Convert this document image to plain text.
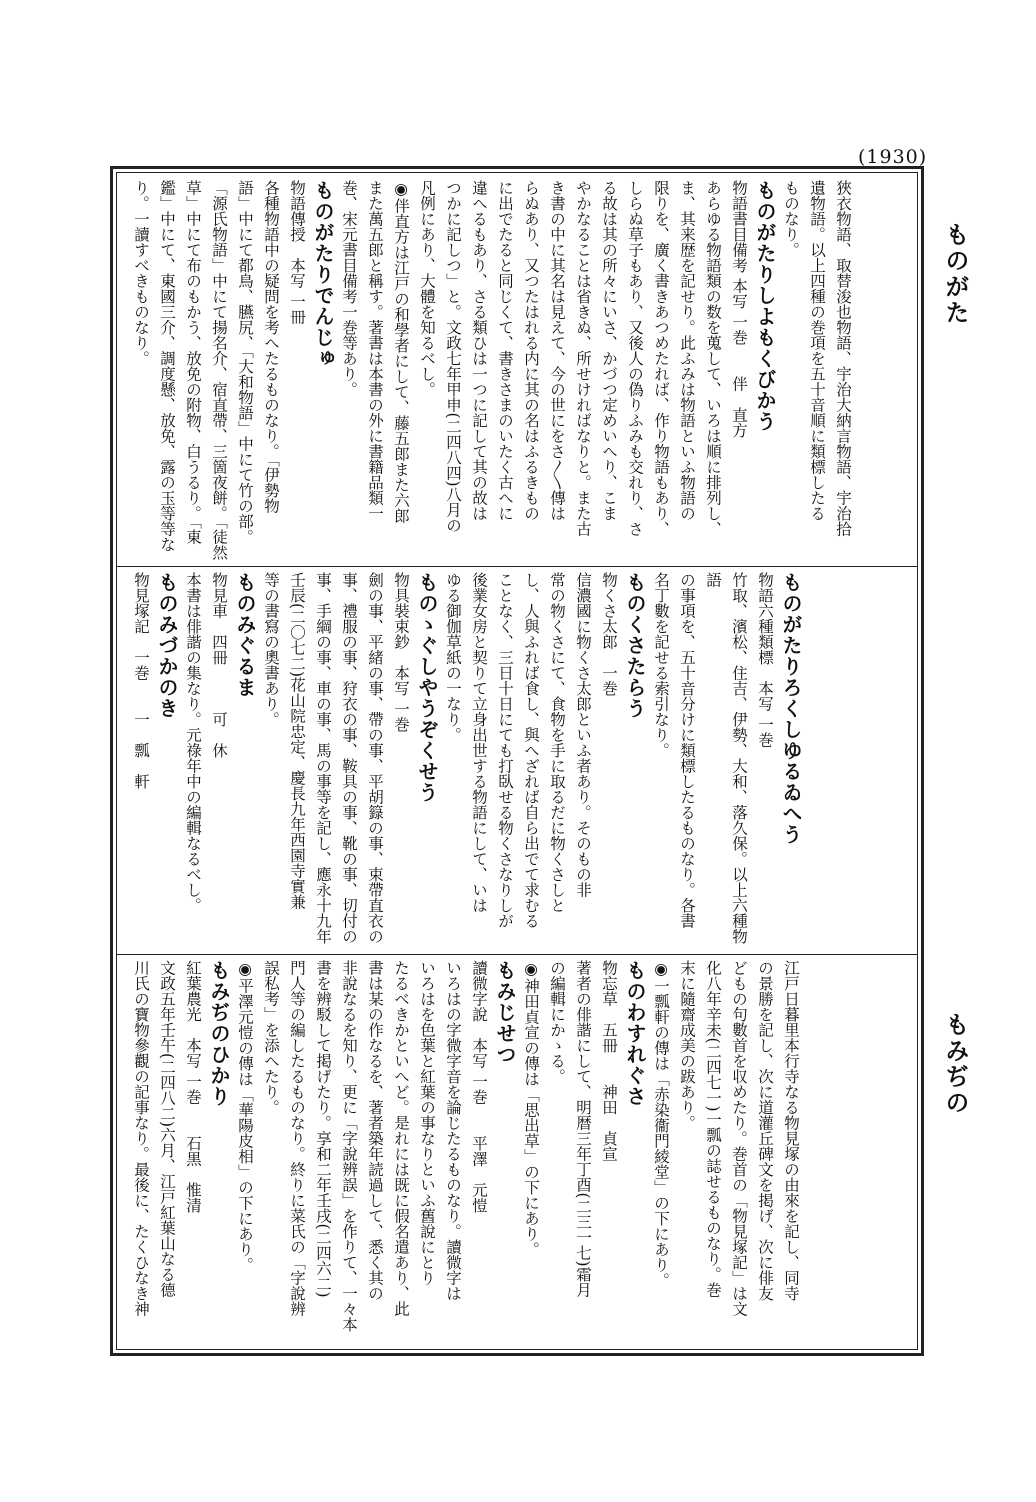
(1930)
ものがた
もみぢの
狹衣物語、取替浚也物語、宇治大納言物語、宇治拾
遺物語。以上四種の巻項を五十音順に類標したる
ものなり。
ものがたりしよもくびかう
物語書目備考 本写 一巻　　伴　直方
あらゆる物語類の数を蒐して、いろは順に排列し、
ま、其来歴を記せり。此ふみは物語といふ物語の
限りを、廣く書きあつめたれば、作り物語もあり、
しらぬ草子もあり、又後人の偽りふみも交れり、さ
る故は其の所々にいさ、かづつ定めいへり、こま
やかなることは省きぬ、所せければなりと。また古
き書の中に其名は見えて、今の世にをさ〳〵傳は
らぬあり、又つたはれる内に其の名はふるきもの
に出でたると同じくて、書きさまのいたく古へに
違へるもあり、さる類ひは一つに記して其の故は
つかに記しつ」と。文政七年甲申(二四八四)八月の
凡例にあり、大體を知るべし。
◉伴直方は江戸の和學者にして、藤五郎また六郎
また萬五郎と稱す。著書は本書の外に書籍品類一
巻、宋元書目備考一巻等あり。
ものがたりでんじゅ
物語傳授　本写 一冊
各種物語中の疑問を考へたるものなり。「伊勢物
語」中にて都鳥、臙尻、「大和物語」中にて竹の部。
「源氏物語」中にて揚名介、宿直帶、三箇夜餅。「徒然
草」中にて布のもかう、放免の附物、白うるり。「東
鑑」中にて、東國三介、調度懸、放免、露の玉等等な
り。一讀すべきものなり。
ものがたりろくしゆるゐへう
物語六種類標　本写 一巻
竹取、濱松、住吉、伊勢、大和、落久保。以上六種物語
の事項を、五十音分けに類標したるものなり。各書
名丁數を記せる索引なり。
ものくさたらう
物くさ太郎　一巻
信濃國に物くさ太郎といふ者あり。そのもの非
常の物くさにて、食物を手に取るだに物くさしと
し、人與ふれば食し、與へざれば自ら出でて求むる
ことなく、三日十日にても打臥せる物くさなりしが
後業女房と契りて立身出世する物語にして、いは
ゆる御伽草紙の一なり。
ものゝぐしやうぞくせう
物具裝束鈔　本写 一巻
劍の事、平緒の事、帶の事、平胡籙の事、束帶直衣の
事、禮服の事、狩衣の事、鞍具の事、靴の事、切付の
事、手綱の事、車の事、馬の事等を記し、應永十九年
壬辰(二〇七二)花山院忠定、慶長九年西園寺實兼
等の書寫の奧書あり。
ものみぐるま
物見車　四冊　　　可　休
本書は俳諧の集なり。元祿年中の編輯なるべし。
ものみづかのき
物見塚記　一巻　　一　瓢　軒
江戸日暮里本行寺なる物見塚の由來を記し、同寺
の景勝を記し、次に道灌丘碑文を掲げ、次に俳友
どもの句數首を収めたり。巻首の「物見塚記」は文
化八年辛未(二四七一)一瓢の誌せるものなり。巻
末に隨齋成美の跋あり。
◉一瓢軒の傳は「赤染衞門綾堂」の下にあり。
ものわすれぐさ
物忘草　五冊　　神田　貞宣
著者の俳諧にして、明暦三年丁酉(二三一七)霜月
の編輯にかゝる。
◉神田貞宣の傳は「思出草」の下にあり。
もみじせつ
讀微字說　本写 一巻　　平澤　元愷
いろはの字微字音を論じたるものなり。讀微字は
いろはを色葉と紅葉の事なりといふ舊說にとり
たるべきかといへど。是れには既に假名遣あり、此
書は某の作なるを、著者築年読過して、悉く其の
非說なるを知り、更に「字說辨誤」を作りて、一々本
書を辨駁して掲げたり。享和二年壬戌(二四六二)
門人等の編したるものなり。終りに菜氏の「字說辨
誤私考」を添へたり。
◉平澤元愷の傳は「華陽皮相」の下にあり。
もみぢのひかり
紅葉農光　本写 一巻　　石黒　惟清
文政五年壬午(二四八二)六月、江戸紅葉山なる德
川氏の寶物參觀の記事なり。最後に、たくひなき神
